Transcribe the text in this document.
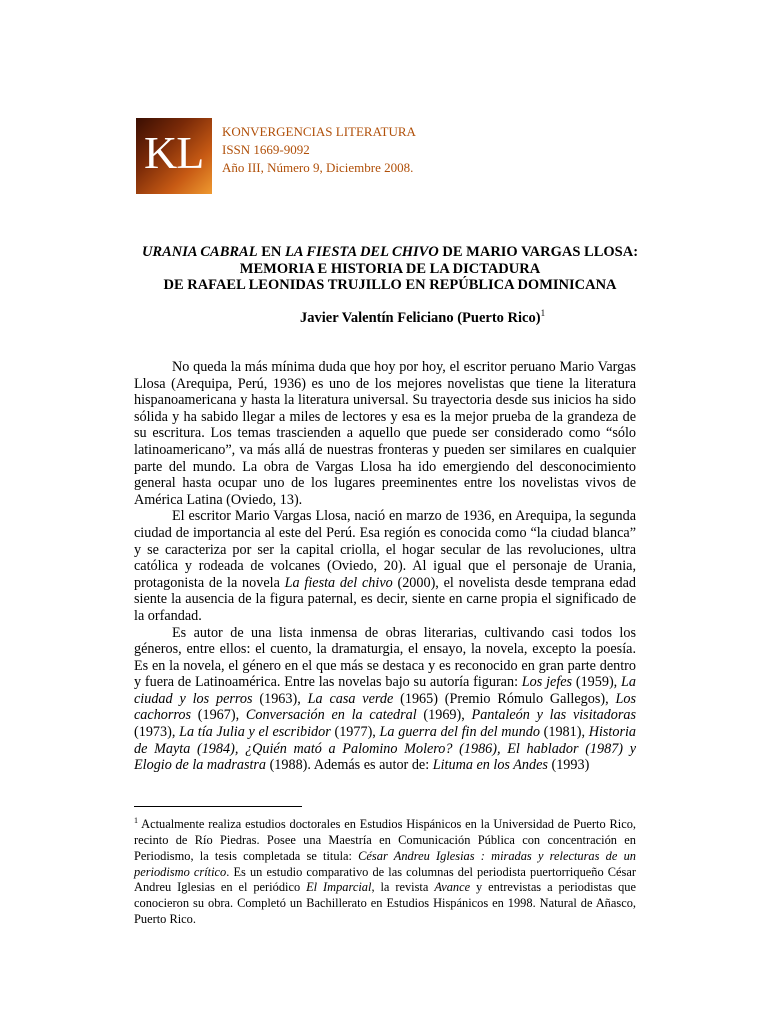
KL KONVERGENCIAS LITERATURA
ISSN 1669-9092
Año III, Número 9, Diciembre 2008.
URANIA CABRAL EN LA FIESTA DEL CHIVO DE MARIO VARGAS LLOSA:
MEMORIA E HISTORIA DE LA DICTADURA
DE RAFAEL LEONIDAS TRUJILLO EN REPÚBLICA DOMINICANA
Javier Valentín Feliciano (Puerto Rico)$^1$

No queda la más mínima duda que hoy por hoy, el escritor peruano Mario Vargas Llosa (Arequipa, Perú, 1936) es uno de los mejores novelistas que tiene la literatura hispanoamericana y hasta la literatura universal. Su trayectoria desde sus inicios ha sido sólida y ha sabido llegar a miles de lectores y esa es la mejor prueba de la grandeza de su escritura. Los temas trascienden a aquello que puede ser considerado como “sólo latinoamericano”, va más allá de nuestras fronteras y pueden ser similares en cualquier parte del mundo. La obra de Vargas Llosa ha ido emergiendo del desconocimiento general hasta ocupar uno de los lugares preeminentes entre los novelistas vivos de América Latina (Oviedo, 13).

El escritor Mario Vargas Llosa, nació en marzo de 1936, en Arequipa, la segunda ciudad de importancia al este del Perú. Esa región es conocida como “la ciudad blanca” y se caracteriza por ser la capital criolla, el hogar secular de las revoluciones, ultra católica y rodeada de volcanes (Oviedo, 20). Al igual que el personaje de Urania, protagonista de la novela La fiesta del chivo (2000), el novelista desde temprana edad siente la ausencia de la figura paternal, es decir, siente en carne propia el significado de la orfandad.

Es autor de una lista inmensa de obras literarias, cultivando casi todos los géneros, entre ellos: el cuento, la dramaturgia, el ensayo, la novela, excepto la poesía. Es en la novela, el género en el que más se destaca y es reconocido en gran parte dentro y fuera de Latinoamérica. Entre las novelas bajo su autoría figuran: Los jefes (1959), La ciudad y los perros (1963), La casa verde (1965) (Premio Rómulo Gallegos), Los cachorros (1967), Conversación en la catedral (1969), Pantaleón y las visitadoras (1973), La tía Julia y el escribidor (1977), La guerra del fin del mundo (1981), Historia de Mayta (1984), ¿Quién mató a Palomino Molero? (1986), El hablador (1987) y Elogio de la madrastra (1988). Además es autor de: Lituma en los Andes (1993)

$^1$ Actualmente realiza estudios doctorales en Estudios Hispánicos en la Universidad de Puerto Rico, recinto de Río Piedras. Posee una Maestría en Comunicación Pública con concentración en Periodismo, la tesis completada se titula: César Andreu Iglesias : miradas y relecturas de un periodismo crítico. Es un estudio comparativo de las columnas del periodista puertorriqueño César Andreu Iglesias en el periódico El Imparcial, la revista Avance y entrevistas a periodistas que conocieron su obra. Completó un Bachillerato en Estudios Hispánicos en 1998. Natural de Añasco, Puerto Rico.
